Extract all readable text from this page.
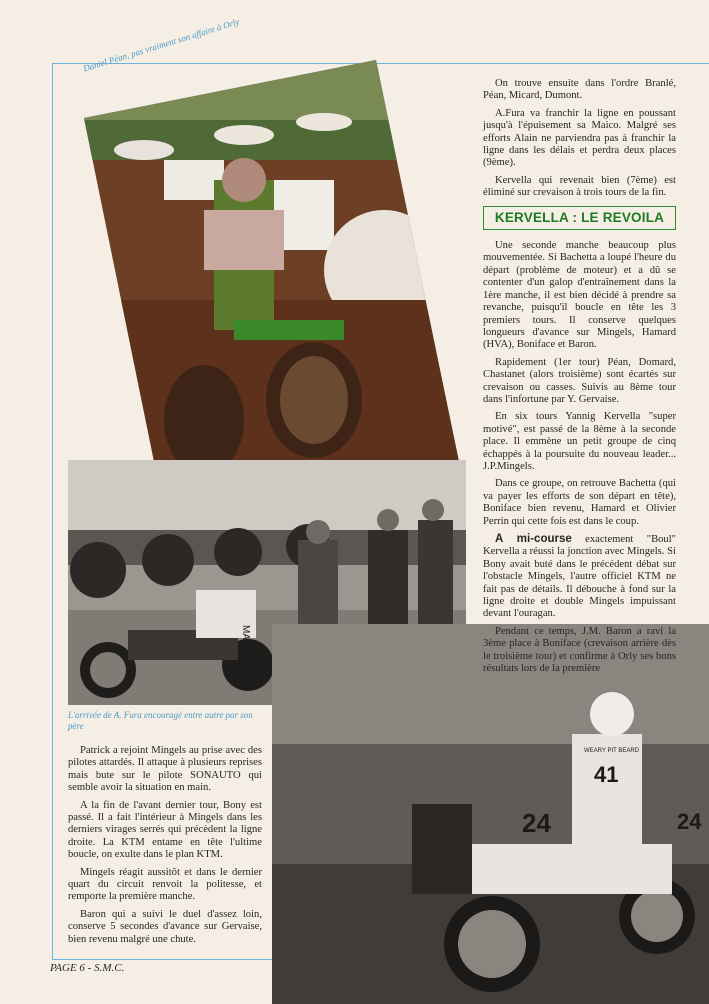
Daniel Péan, pas vraiment son affaire à Orly
MAICO
L'arrivée de A. Fura encouragé entre autre par son père
24	24
41
WEARY PIT BEARD

On trouve ensuite dans l'ordre Branlé, Péan, Micard, Dumont.

A.Fura va franchir la ligne en poussant jusqu'à l'épuisement sa Maico. Malgré ses efforts Alain ne parviendra pas à franchir la ligne dans les délais et perdra deux places (9ème).

Kervella qui revenait bien (7ème) est éliminé sur crevaison à trois tours de la fin.

KERVELLA : LE REVOILA

Une seconde manche beaucoup plus mouvementée. Si Bachetta a loupé l'heure du départ (problème de moteur) et a dû se contenter d'un galop d'entraînement dans la 1ère manche, il est bien décidé à prendre sa revanche, puisqu'il boucle en tête les 3 premiers tours. Il conserve quelques longueurs d'avance sur Mingels, Hamard (HVA), Boniface et Baron.

Rapidement (1er tour) Péan, Domard, Chastanet (alors troisième) sont écartés sur crevaison ou casses. Suivis au 8ème tour dans l'infortune par Y. Gervaise.

En six tours Yannig Kervella "super motivé", est passé de la 8ème à la seconde place. Il emmène un petit groupe de cinq échappés à la poursuite du nouveau leader... J.P.Mingels.

Dans ce groupe, on retrouve Bachetta (qui va payer les efforts de son départ en tête), Boniface bien revenu, Hamard et Olivier Perrin qui cette fois est dans le coup.

A mi-course exactement "Boul" Kervella a réussi la jonction avec Mingels. Si Bony avait buté dans le précédent débat sur l'obstacle Mingels, l'autre officiel KTM ne fait pas de détails. Il débouche à fond sur la ligne droite et double Mingels impuissant devant l'ouragan.

Pendant ce temps, J.M. Baron a ravi la 3ème place à Boniface (crevaison arrière dès le troisième tour) et confirme à Orly ses bons résultats lors de la première

Patrick a rejoint Mingels au prise avec des pilotes attardés. Il attaque à plusieurs reprises mais bute sur le pilote SONAUTO qui semble avoir la situation en main.

A la fin de l'avant dernier tour, Bony est passé. Il a fait l'intérieur à Mingels dans les derniers virages serrés qui précèdent la ligne droite. La KTM entame en tête l'ultime boucle, on exulte dans le plan KTM.

Mingels réagit aussitôt et dans le dernier quart du circuit renvoit la politesse, et remporte la première manche.

Baron qui a suivi le duel d'assez loin, conserve 5 secondes d'avance sur Gervaise, bien revenu malgré une chute.

PAGE 6 - S.M.C.
